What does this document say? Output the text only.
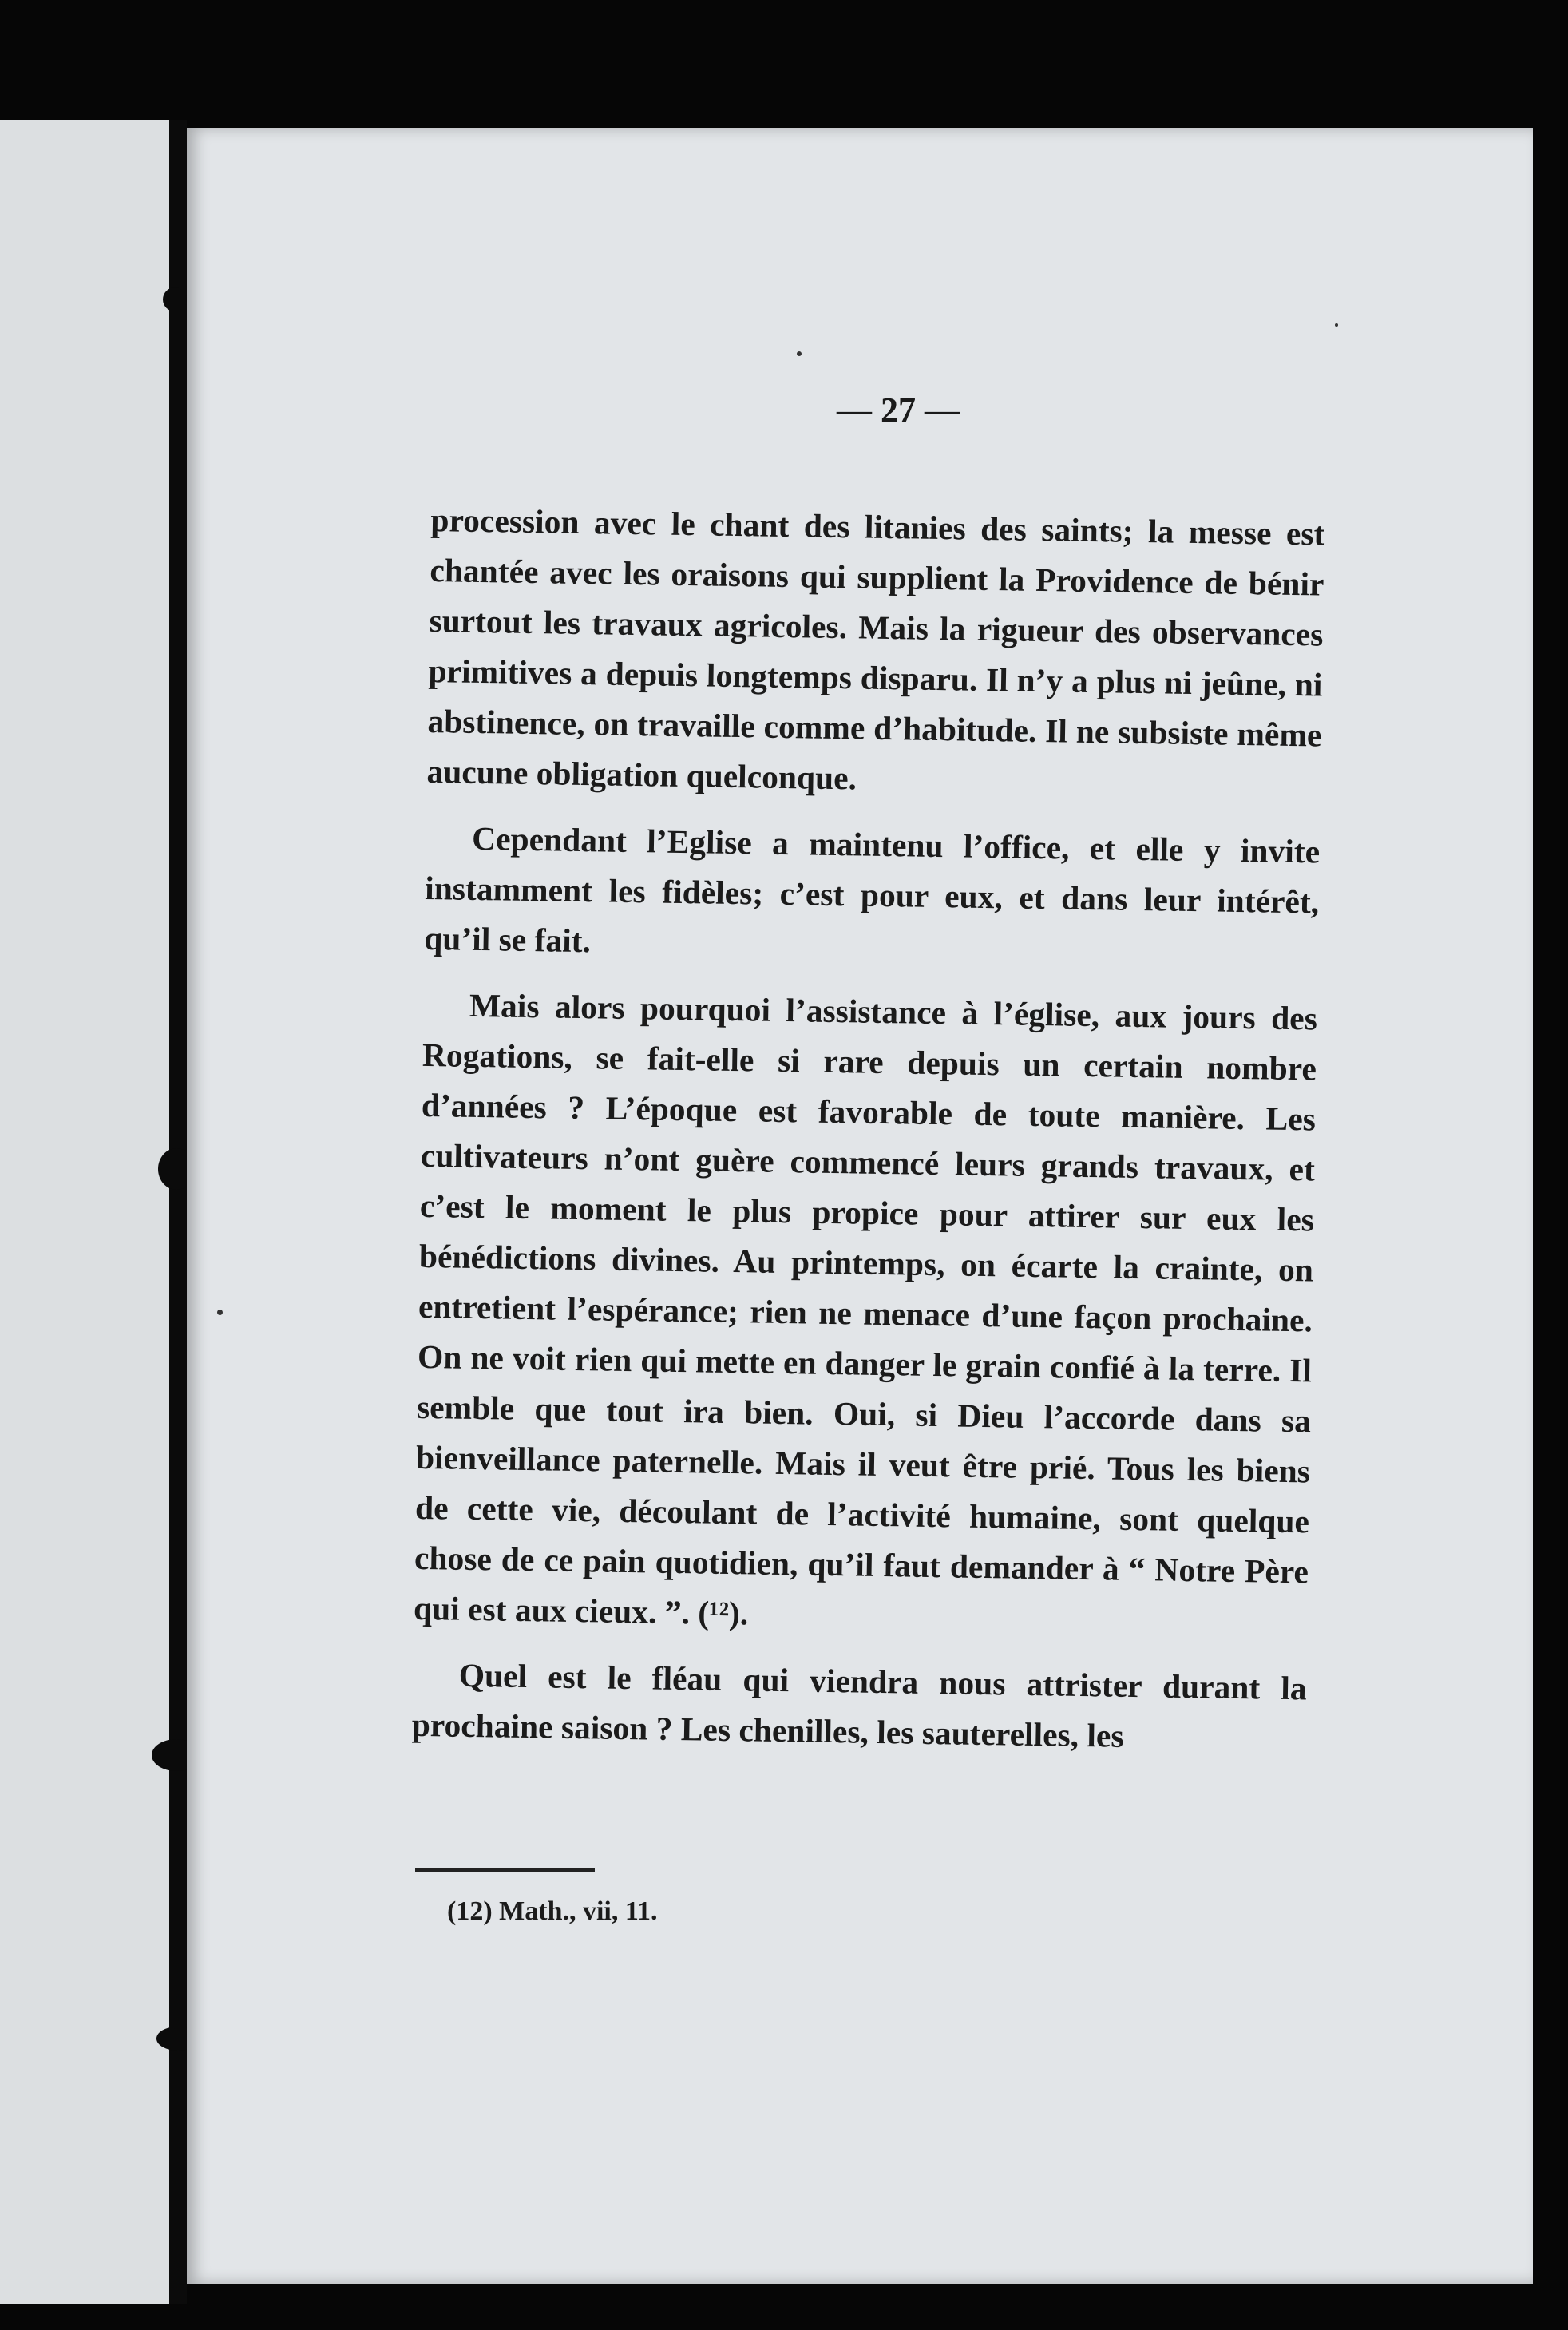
— 27 —

procession avec le chant des litanies des saints; la messe est chantée avec les oraisons qui supplient la Providence de bénir surtout les travaux agricoles. Mais la rigueur des observances primitives a depuis longtemps disparu. Il n’y a plus ni jeûne, ni abstinence, on travaille comme d’habitude. Il ne subsiste même aucune obligation quelconque.

Cependant l’Eglise a maintenu l’office, et elle y invite instamment les fidèles; c’est pour eux, et dans leur intérêt, qu’il se fait.

Mais alors pourquoi l’assistance à l’église, aux jours des Rogations, se fait-elle si rare depuis un certain nombre d’années ? L’époque est favorable de toute manière. Les cultivateurs n’ont guère commencé leurs grands travaux, et c’est le moment le plus propice pour attirer sur eux les bénédictions divines. Au printemps, on écarte la crainte, on entretient l’espérance; rien ne menace d’une façon prochaine. On ne voit rien qui mette en danger le grain confié à la terre. Il semble que tout ira bien. Oui, si Dieu l’accorde dans sa bienveillance paternelle. Mais il veut être prié. Tous les biens de cette vie, découlant de l’activité humaine, sont quelque chose de ce pain quotidien, qu’il faut demander à “ Notre Père qui est aux cieux. ”. (¹²).

Quel est le fléau qui viendra nous attrister durant la prochaine saison ? Les chenilles, les sauterelles, les

(12) Math., vii, 11.
